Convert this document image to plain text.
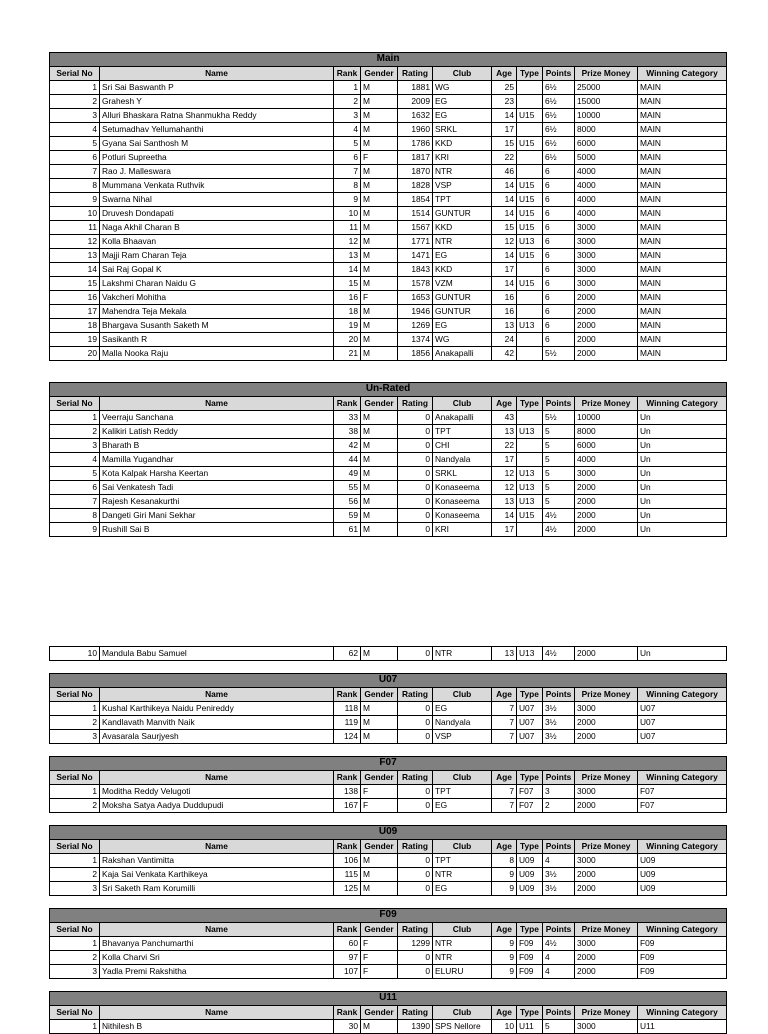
Main										
Serial No	Name	Rank	Gender	Rating	Club	Age	Type	Points	Prize Money	Winning Category
1	Sri Sai Baswanth P	1	M	1881	WG	25		6½	25000	MAIN
2	Grahesh Y	2	M	2009	EG	23		6½	15000	MAIN
3	Alluri Bhaskara Ratna Shanmukha Reddy	3	M	1632	EG	14	U15	6½	10000	MAIN
4	Setumadhav Yellumahanthi	4	M	1960	SRKL	17		6½	8000	MAIN
5	Gyana Sai Santhosh M	5	M	1786	KKD	15	U15	6½	6000	MAIN
6	Potluri Supreetha	6	F	1817	KRI	22		6½	5000	MAIN
7	Rao J. Malleswara	7	M	1870	NTR	46		6	4000	MAIN
8	Mummana Venkata Ruthvik	8	M	1828	VSP	14	U15	6	4000	MAIN
9	Swarna Nihal	9	M	1854	TPT	14	U15	6	4000	MAIN
10	Druvesh Dondapati	10	M	1514	GUNTUR	14	U15	6	4000	MAIN
11	Naga Akhil Charan B	11	M	1567	KKD	15	U15	6	3000	MAIN
12	Kolla Bhaavan	12	M	1771	NTR	12	U13	6	3000	MAIN
13	Majji Ram Charan Teja	13	M	1471	EG	14	U15	6	3000	MAIN
14	Sai Raj Gopal K	14	M	1843	KKD	17		6	3000	MAIN
15	Lakshmi Charan Naidu G	15	M	1578	VZM	14	U15	6	3000	MAIN
16	Vakcheri Mohitha	16	F	1653	GUNTUR	16		6	2000	MAIN
17	Mahendra Teja Mekala	18	M	1946	GUNTUR	16		6	2000	MAIN
18	Bhargava Susanth Saketh M	19	M	1269	EG	13	U13	6	2000	MAIN
19	Sasikanth R	20	M	1374	WG	24		6	2000	MAIN
20	Malla Nooka Raju	21	M	1856	Anakapalli	42		5½	2000	MAIN
Un-Rated										
Serial No	Name	Rank	Gender	Rating	Club	Age	Type	Points	Prize Money	Winning Category
1	Veerraju Sanchana	33	M	0	Anakapalli	43		5½	10000	Un
2	Kalikiri Latish Reddy	38	M	0	TPT	13	U13	5	8000	Un
3	Bharath B	42	M	0	CHI	22		5	6000	Un
4	Mamilla Yugandhar	44	M	0	Nandyala	17		5	4000	Un
5	Kota Kalpak Harsha Keertan	49	M	0	SRKL	12	U13	5	3000	Un
6	Sai Venkatesh Tadi	55	M	0	Konaseema	12	U13	5	2000	Un
7	Rajesh Kesanakurthi	56	M	0	Konaseema	13	U13	5	2000	Un
8	Dangeti Giri Mani Sekhar	59	M	0	Konaseema	14	U15	4½	2000	Un
9	Rushill Sai B	61	M	0	KRI	17		4½	2000	Un
10	Mandula Babu Samuel	62	M	0	NTR	13	U13	4½	2000	Un
U07										
Serial No	Name	Rank	Gender	Rating	Club	Age	Type	Points	Prize Money	Winning Category
1	Kushal Karthikeya Naidu Penireddy	118	M	0	EG	7	U07	3½	3000	U07
2	Kandlavath Manvith Naik	119	M	0	Nandyala	7	U07	3½	2000	U07
3	Avasarala Saurjyesh	124	M	0	VSP	7	U07	3½	2000	U07
F07										
Serial No	Name	Rank	Gender	Rating	Club	Age	Type	Points	Prize Money	Winning Category
1	Moditha Reddy Velugoti	138	F	0	TPT	7	F07	3	3000	F07
2	Moksha Satya Aadya Duddupudi	167	F	0	EG	7	F07	2	2000	F07
U09										
Serial No	Name	Rank	Gender	Rating	Club	Age	Type	Points	Prize Money	Winning Category
1	Rakshan Vantimitta	106	M	0	TPT	8	U09	4	3000	U09
2	Kaja Sai Venkata Karthikeya	115	M	0	NTR	9	U09	3½	2000	U09
3	Sri Saketh Ram Korumilli	125	M	0	EG	9	U09	3½	2000	U09
F09										
Serial No	Name	Rank	Gender	Rating	Club	Age	Type	Points	Prize Money	Winning Category
1	Bhavanya Panchumarthi	60	F	1299	NTR	9	F09	4½	3000	F09
2	Kolla Charvi Sri	97	F	0	NTR	9	F09	4	2000	F09
3	Yadla Premi Rakshitha	107	F	0	ELURU	9	F09	4	2000	F09
U11										
Serial No	Name	Rank	Gender	Rating	Club	Age	Type	Points	Prize Money	Winning Category
1	Nithilesh B	30	M	1390	SPS Nellore	10	U11	5	3000	U11
